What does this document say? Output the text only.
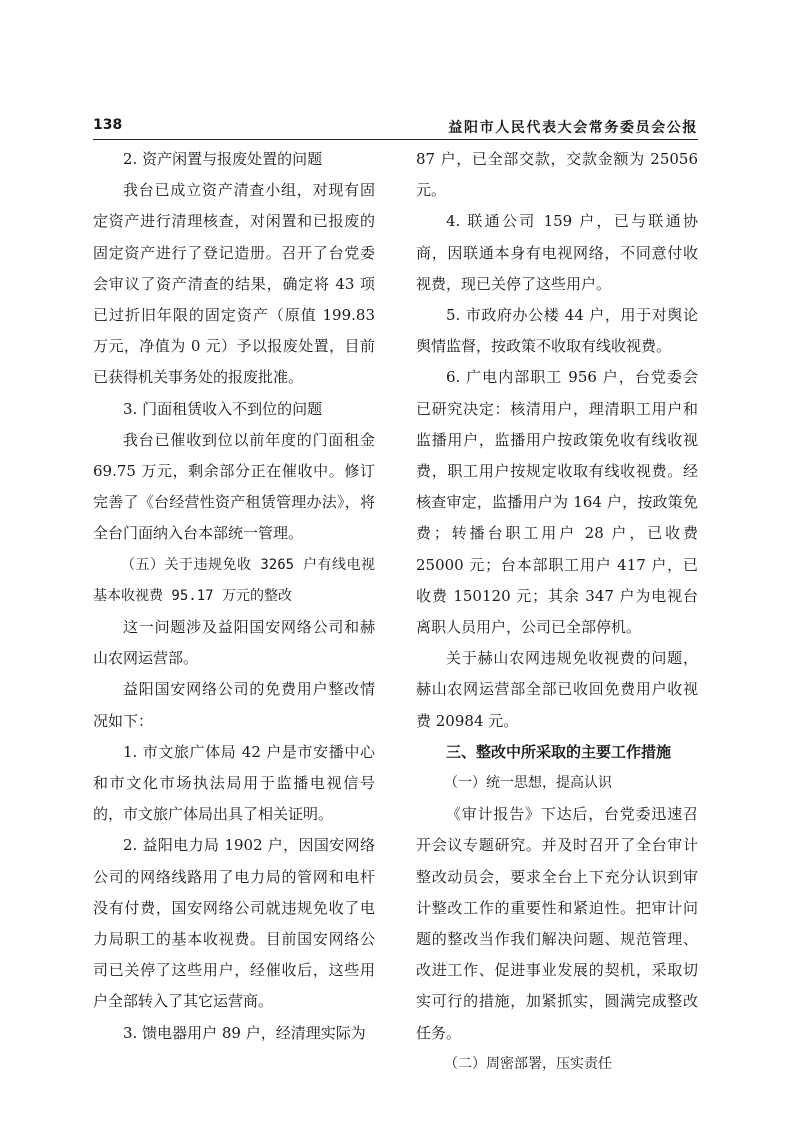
138	益阳市人民代表大会常务委员会公报

2. 资产闲置与报废处置的问题

我台已成立资产清查小组，对现有固定资产进行清理核查，对闲置和已报废的固定资产进行了登记造册。召开了台党委会审议了资产清查的结果，确定将 43 项已过折旧年限的固定资产（原值 199.83 万元，净值为 0 元）予以报废处置，目前已获得机关事务处的报废批准。

3. 门面租赁收入不到位的问题

我台已催收到位以前年度的门面租金 69.75 万元，剩余部分正在催收中。修订完善了《台经营性资产租赁管理办法》，将全台门面纳入台本部统一管理。

（五）关于违规免收 3265 户有线电视基本收视费 95.17 万元的整改

这一问题涉及益阳国安网络公司和赫山农网运营部。

益阳国安网络公司的免费用户整改情况如下：

1. 市文旅广体局 42 户是市安播中心和市文化市场执法局用于监播电视信号的，市文旅广体局出具了相关证明。

2. 益阳电力局 1902 户，因国安网络公司的网络线路用了电力局的管网和电杆没有付费，国安网络公司就违规免收了电力局职工的基本收视费。目前国安网络公司已关停了这些用户，经催收后，这些用户全部转入了其它运营商。

3. 馈电器用户 89 户，经清理实际为

87 户，已全部交款，交款金额为 25056 元。

4. 联通公司 159 户，已与联通协商，因联通本身有电视网络，不同意付收视费，现已关停了这些用户。

5. 市政府办公楼 44 户，用于对舆论舆情监督，按政策不收取有线收视费。

6. 广电内部职工 956 户，台党委会已研究决定：核清用户，理清职工用户和监播用户，监播用户按政策免收有线收视费，职工用户按规定收取有线收视费。经核查审定，监播用户为 164 户，按政策免费；转播台职工用户 28 户，已收费 25000 元；台本部职工用户 417 户，已收费 150120 元；其余 347 户为电视台离职人员用户，公司已全部停机。

关于赫山农网违规免收视费的问题，赫山农网运营部全部已收回免费用户收视费 20984 元。

三、整改中所采取的主要工作措施

（一）统一思想，提高认识

《审计报告》下达后，台党委迅速召开会议专题研究。并及时召开了全台审计整改动员会，要求全台上下充分认识到审计整改工作的重要性和紧迫性。把审计问题的整改当作我们解决问题、规范管理、改进工作、促进事业发展的契机，采取切实可行的措施，加紧抓实，圆满完成整改任务。

（二）周密部署，压实责任
